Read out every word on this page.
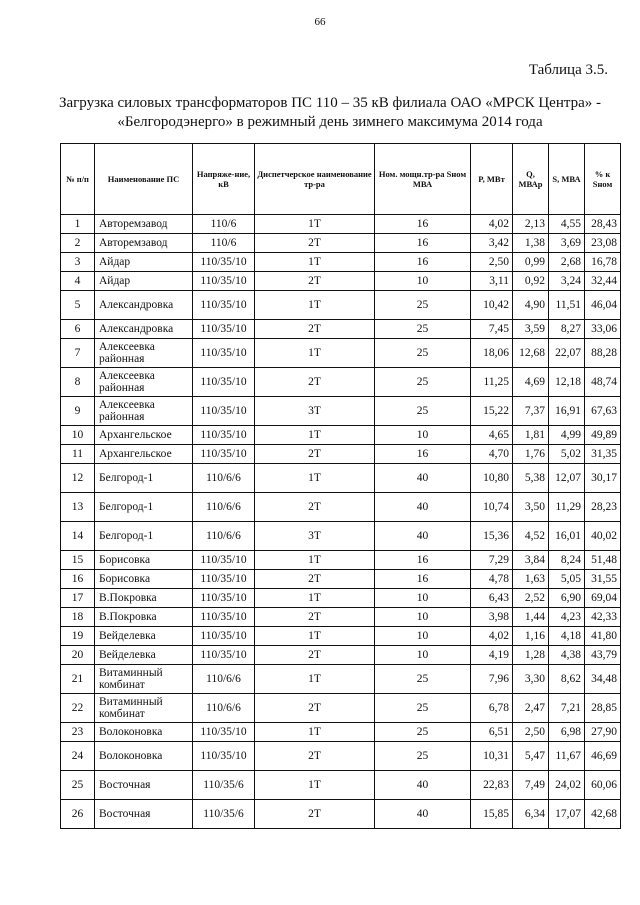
66
Таблица 3.5.
Загрузка силовых трансформаторов ПС 110 – 35 кВ филиала ОАО «МРСК Центра» -
«Белгородэнерго» в режимный день зимнего максимума 2014 года
№ п/п	Наименование ПС	Напряже-ние, кВ	Диспетчерское наименование тр-ра	Ном. мощн.тр-ра Sном МВА	P, МВт	Q, МВАр	S, МВА	% к Sном
1	Авторемзавод	110/6	1Т	16	4,02	2,13	4,55	28,43
2	Авторемзавод	110/6	2Т	16	3,42	1,38	3,69	23,08
3	Айдар	110/35/10	1Т	16	2,50	0,99	2,68	16,78
4	Айдар	110/35/10	2Т	10	3,11	0,92	3,24	32,44
5	Александровка	110/35/10	1Т	25	10,42	4,90	11,51	46,04
6	Александровка	110/35/10	2Т	25	7,45	3,59	8,27	33,06
7	Алексеевка районная	110/35/10	1Т	25	18,06	12,68	22,07	88,28
8	Алексеевка районная	110/35/10	2Т	25	11,25	4,69	12,18	48,74
9	Алексеевка районная	110/35/10	3Т	25	15,22	7,37	16,91	67,63
10	Архангельское	110/35/10	1Т	10	4,65	1,81	4,99	49,89
11	Архангельское	110/35/10	2Т	16	4,70	1,76	5,02	31,35
12	Белгород-1	110/6/6	1Т	40	10,80	5,38	12,07	30,17
13	Белгород-1	110/6/6	2Т	40	10,74	3,50	11,29	28,23
14	Белгород-1	110/6/6	3Т	40	15,36	4,52	16,01	40,02
15	Борисовка	110/35/10	1Т	16	7,29	3,84	8,24	51,48
16	Борисовка	110/35/10	2Т	16	4,78	1,63	5,05	31,55
17	В.Покровка	110/35/10	1Т	10	6,43	2,52	6,90	69,04
18	В.Покровка	110/35/10	2Т	10	3,98	1,44	4,23	42,33
19	Вейделевка	110/35/10	1Т	10	4,02	1,16	4,18	41,80
20	Вейделевка	110/35/10	2Т	10	4,19	1,28	4,38	43,79
21	Витаминный комбинат	110/6/6	1Т	25	7,96	3,30	8,62	34,48
22	Витаминный комбинат	110/6/6	2Т	25	6,78	2,47	7,21	28,85
23	Волоконовка	110/35/10	1Т	25	6,51	2,50	6,98	27,90
24	Волоконовка	110/35/10	2Т	25	10,31	5,47	11,67	46,69
25	Восточная	110/35/6	1Т	40	22,83	7,49	24,02	60,06
26	Восточная	110/35/6	2Т	40	15,85	6,34	17,07	42,68
